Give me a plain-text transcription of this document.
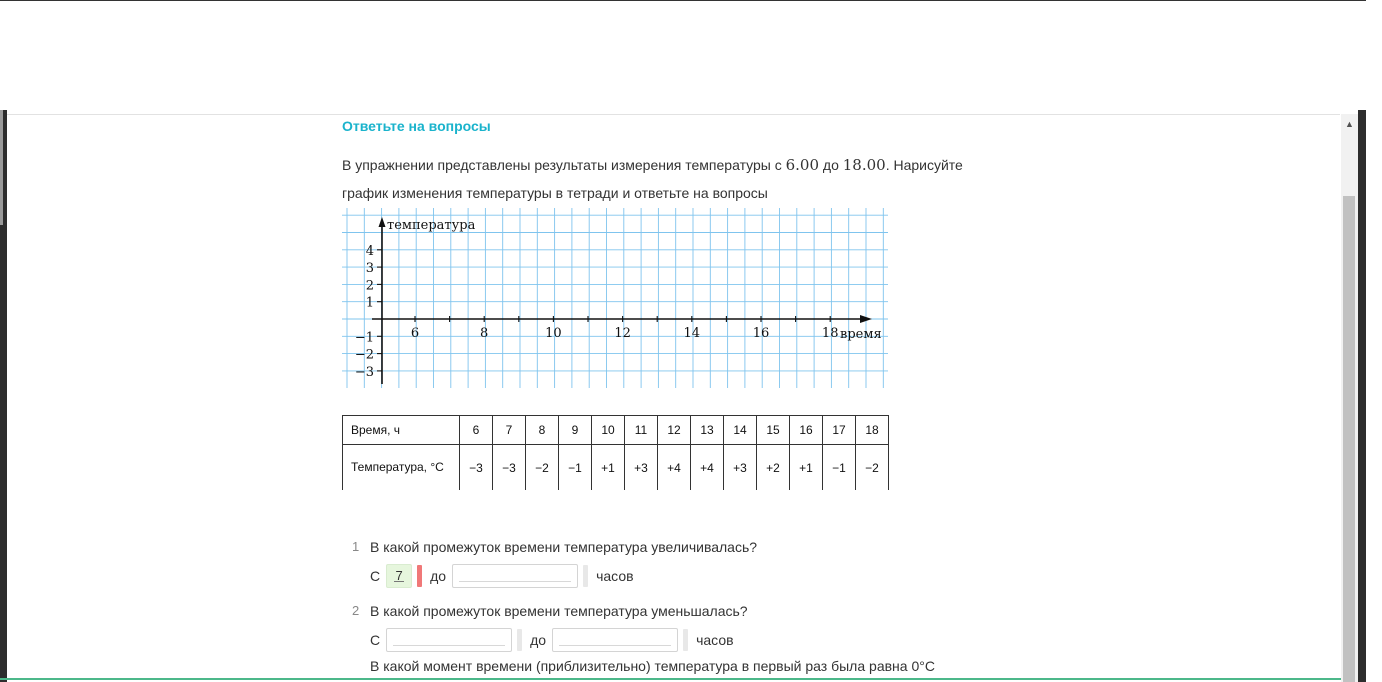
Ответьте на вопросы

В упражнении представлены результаты измерения температуры с 6.00 до 18.00. Нарисуйте график изменения температуры в тетради и ответьте на вопросы

температура
время
4
3
2
1
−1
−2
−3
6	8	10	12	14	16	18
Время, ч	6	7	8	9	10	11	12	13	14	15	16	17	18
Температура, °С	−3	−3	−2	−1	+1	+3	+4	+4	+3	+2	+1	−1	−2
1 В какой промежуток времени температура увеличивалась?
С	7	до	часов
2 В какой промежуток времени температура уменьшалась?
С	до	часов
В какой момент времени (приблизительно) температура в первый раз была равна 0°С
▲
